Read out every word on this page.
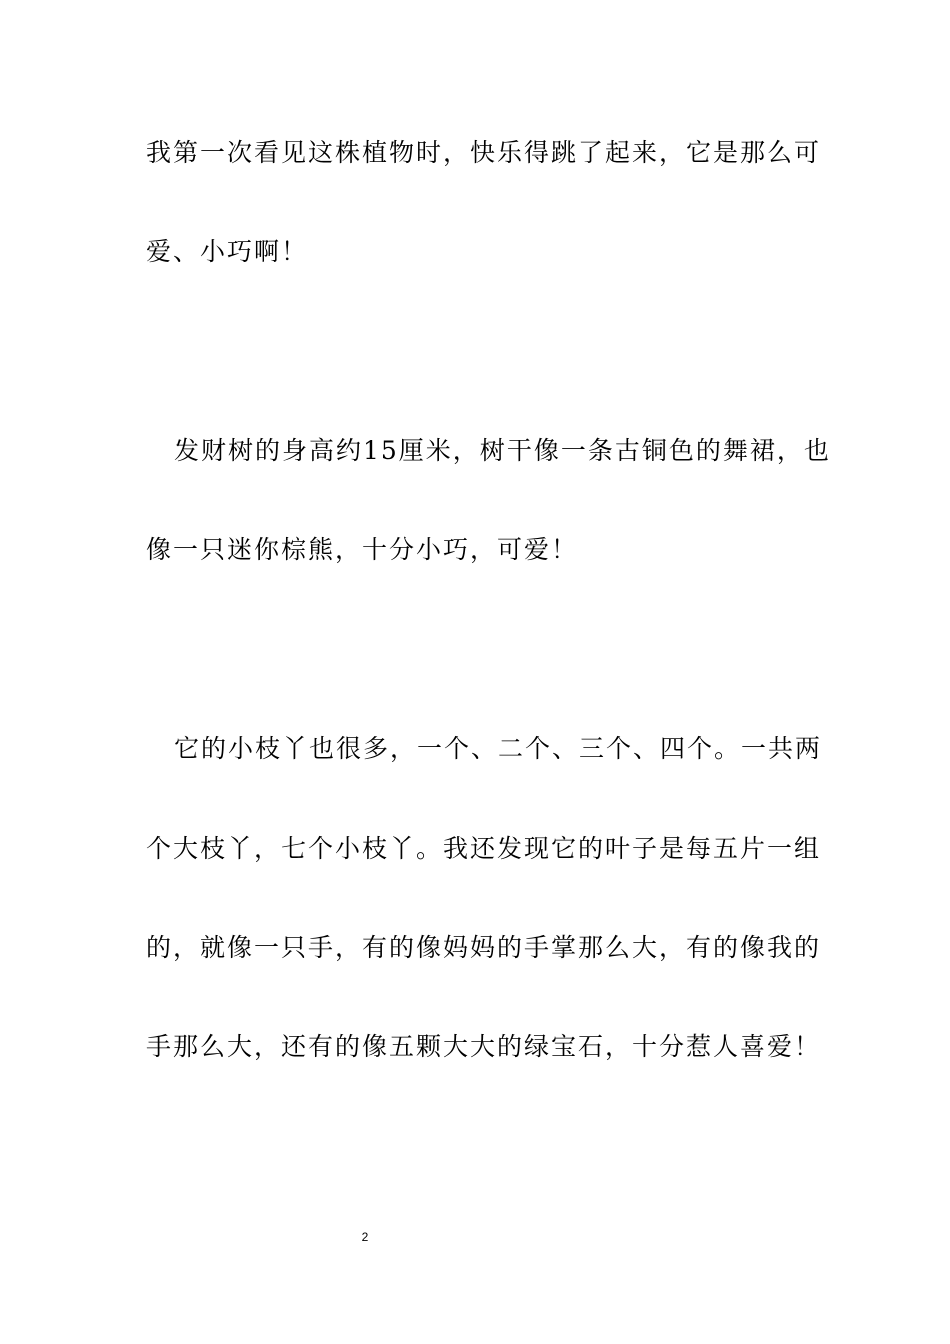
我第一次看见这株植物时，快乐得跳了起来，它是那么可
爱、小巧啊！
发财树的身高约15厘米，树干像一条古铜色的舞裙，也
像一只迷你棕熊，十分小巧，可爱！
它的小枝丫也很多，一个、二个、三个、四个。一共两
个大枝丫，七个小枝丫。我还发现它的叶子是每五片一组
的，就像一只手，有的像妈妈的手掌那么大，有的像我的
手那么大，还有的像五颗大大的绿宝石，十分惹人喜爱！
2
